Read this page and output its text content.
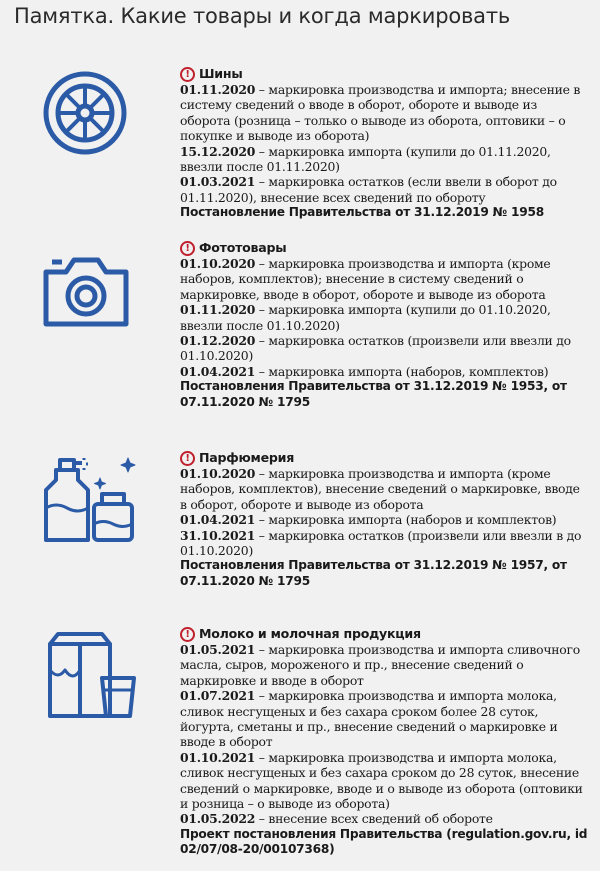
Памятка. Какие товары и когда маркировать
! Шины

01.11.2020 – маркировка производства и импорта; внесение в систему сведений о вводе в оборот, обороте и выводе из оборота (розница – только о выводе из оборота, оптовики – о покупке и выводе из оборота)

15.12.2020 – маркировка импорта (купили до 01.11.2020, ввезли после 01.11.2020)

01.03.2021 – маркировка остатков (если ввели в оборот до 01.11.2020), внесение всех сведений по обороту

Постановление Правительства от 31.12.2019 № 1958
! Фототовары

01.10.2020 – маркировка производства и импорта (кроме наборов, комплектов); внесение в систему сведений о маркировке, вводе в оборот, обороте и выводе из оборота

01.11.2020 – маркировка импорта (купили до 01.10.2020, ввезли после 01.10.2020)

01.12.2020 – маркировка остатков (произвели или ввезли до 01.10.2020)

01.04.2021 – маркировка импорта (наборов, комплектов)

Постановления Правительства от 31.12.2019 № 1953, от 07.11.2020 № 1795
! Парфюмерия

01.10.2020 – маркировка производства и импорта (кроме наборов, комплектов), внесение сведений о маркировке, вводе в оборот, обороте и выводе из оборота

01.04.2021 – маркировка импорта (наборов и комплектов)

31.10.2021 – маркировка остатков (произвели или ввезли в до 01.10.2020)

Постановления Правительства от 31.12.2019 № 1957, от 07.11.2020 № 1795
! Молоко и молочная продукция

01.05.2021 – маркировка производства и импорта сливочного масла, сыров, мороженого и пр., внесение сведений о маркировке и вводе в оборот

01.07.2021 – маркировка производства и импорта молока, сливок несгущеных и без сахара сроком более 28 суток, йогурта, сметаны и пр., внесение сведений о маркировке и вводе в оборот

01.10.2021 – маркировка производства и импорта молока, сливок несгущеных и без сахара сроком до 28 суток, внесение сведений о маркировке, вводе и о выводе из оборота (оптовики и розница – о выводе из оборота)

01.05.2022 – внесение всех сведений об обороте

Проект постановления Правительства (regulation.gov.ru, id 02/07/08-20/00107368)
